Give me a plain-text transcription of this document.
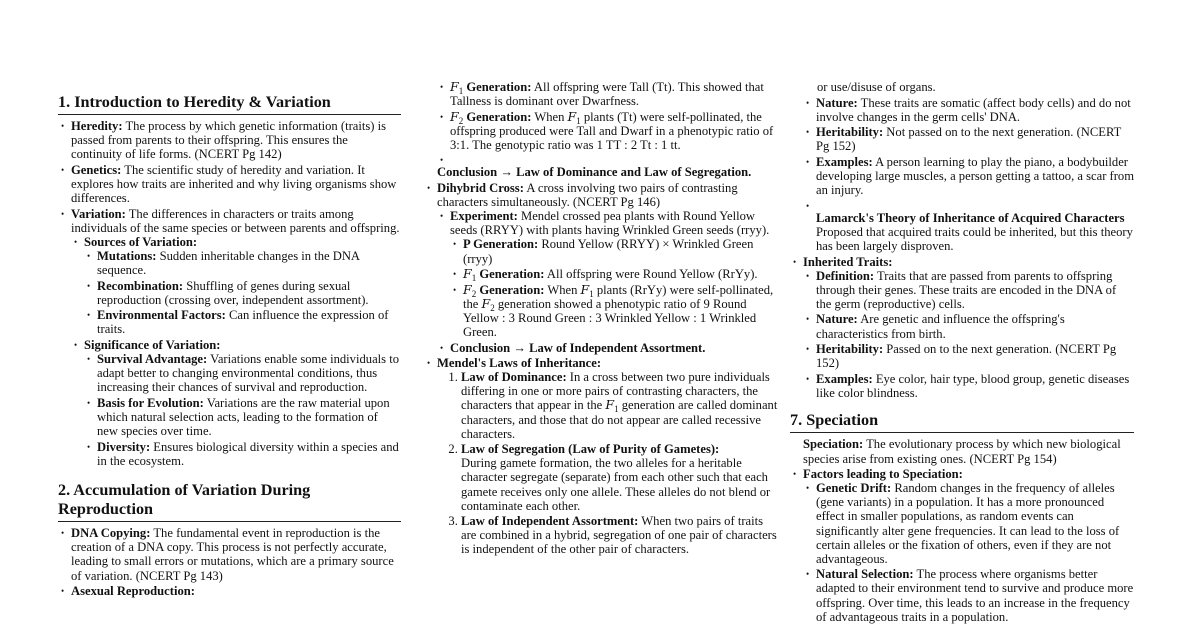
1. Introduction to Heredity & Variation
• Heredity: The process by which genetic information (traits) is passed from parents to their offspring. This ensures the continuity of life forms. (NCERT Pg 142)
• Genetics: The scientific study of heredity and variation. It explores how traits are inherited and why living organisms show differences.
• Variation: The differences in characters or traits among individuals of the same species or between parents and offspring.
• Sources of Variation:
• Mutations: Sudden inheritable changes in the DNA sequence.
• Recombination: Shuffling of genes during sexual reproduction (crossing over, independent assortment).
• Environmental Factors: Can influence the expression of traits.
• Significance of Variation:
• Survival Advantage: Variations enable some individuals to adapt better to changing environmental conditions, thus increasing their chances of survival and reproduction.
• Basis for Evolution: Variations are the raw material upon which natural selection acts, leading to the formation of new species over time.
• Diversity: Ensures biological diversity within a species and in the ecosystem.
2. Accumulation of Variation During Reproduction
• DNA Copying: The fundamental event in reproduction is the creation of a DNA copy. This process is not perfectly accurate, leading to small errors or mutations, which are a primary source of variation. (NCERT Pg 143)
• Asexual Reproduction:
• $F_1$ Generation: All offspring were Tall (Tt). This showed that Tallness is dominant over Dwarfness.
• $F_2$ Generation: When $F_1$ plants (Tt) were self-pollinated, the offspring produced were Tall and Dwarf in a phenotypic ratio of 3:1. The genotypic ratio was 1 TT : 2 Tt : 1 tt.
• Conclusion → Law of Dominance and Law of Segregation.
• Dihybrid Cross: A cross involving two pairs of contrasting characters simultaneously. (NCERT Pg 146)
• Experiment: Mendel crossed pea plants with Round Yellow seeds (RRYY) with plants having Wrinkled Green seeds (rryy).
• P Generation: Round Yellow (RRYY) × Wrinkled Green (rryy)
• $F_1$ Generation: All offspring were Round Yellow (RrYy).
• $F_2$ Generation: When $F_1$ plants (RrYy) were self-pollinated, the $F_2$ generation showed a phenotypic ratio of 9 Round Yellow : 3 Round Green : 3 Wrinkled Yellow : 1 Wrinkled Green.
• Conclusion → Law of Independent Assortment.
• Mendel's Laws of Inheritance:
1. Law of Dominance: In a cross between two pure individuals differing in one or more pairs of contrasting characters, the characters that appear in the $F_1$ generation are called dominant characters, and those that do not appear are called recessive characters.
2. Law of Segregation (Law of Purity of Gametes):
During gamete formation, the two alleles for a heritable character segregate (separate) from each other such that each gamete receives only one allele. These alleles do not blend or contaminate each other.
3. Law of Independent Assortment: When two pairs of traits are combined in a hybrid, segregation of one pair of characters is independent of the other pair of characters.
or use/disuse of organs.
• Nature: These traits are somatic (affect body cells) and do not involve changes in the germ cells' DNA.
• Heritability: Not passed on to the next generation. (NCERT Pg 152)
• Examples: A person learning to play the piano, a bodybuilder developing large muscles, a person getting a tattoo, a scar from an injury.
• Lamarck's Theory of Inheritance of Acquired Characters
Proposed that acquired traits could be inherited, but this theory has been largely disproven.
• Inherited Traits:
• Definition: Traits that are passed from parents to offspring through their genes. These traits are encoded in the DNA of the germ (reproductive) cells.
• Nature: Are genetic and influence the offspring's characteristics from birth.
• Heritability: Passed on to the next generation. (NCERT Pg 152)
• Examples: Eye color, hair type, blood group, genetic diseases like color blindness.
7. Speciation
Speciation: The evolutionary process by which new biological species arise from existing ones. (NCERT Pg 154)
• Factors leading to Speciation:
• Genetic Drift: Random changes in the frequency of alleles (gene variants) in a population. It has a more pronounced effect in smaller populations, as random events can significantly alter gene frequencies. It can lead to the loss of certain alleles or the fixation of others, even if they are not advantageous.
• Natural Selection: The process where organisms better adapted to their environment tend to survive and produce more offspring. Over time, this leads to an increase in the frequency of advantageous traits in a population.
